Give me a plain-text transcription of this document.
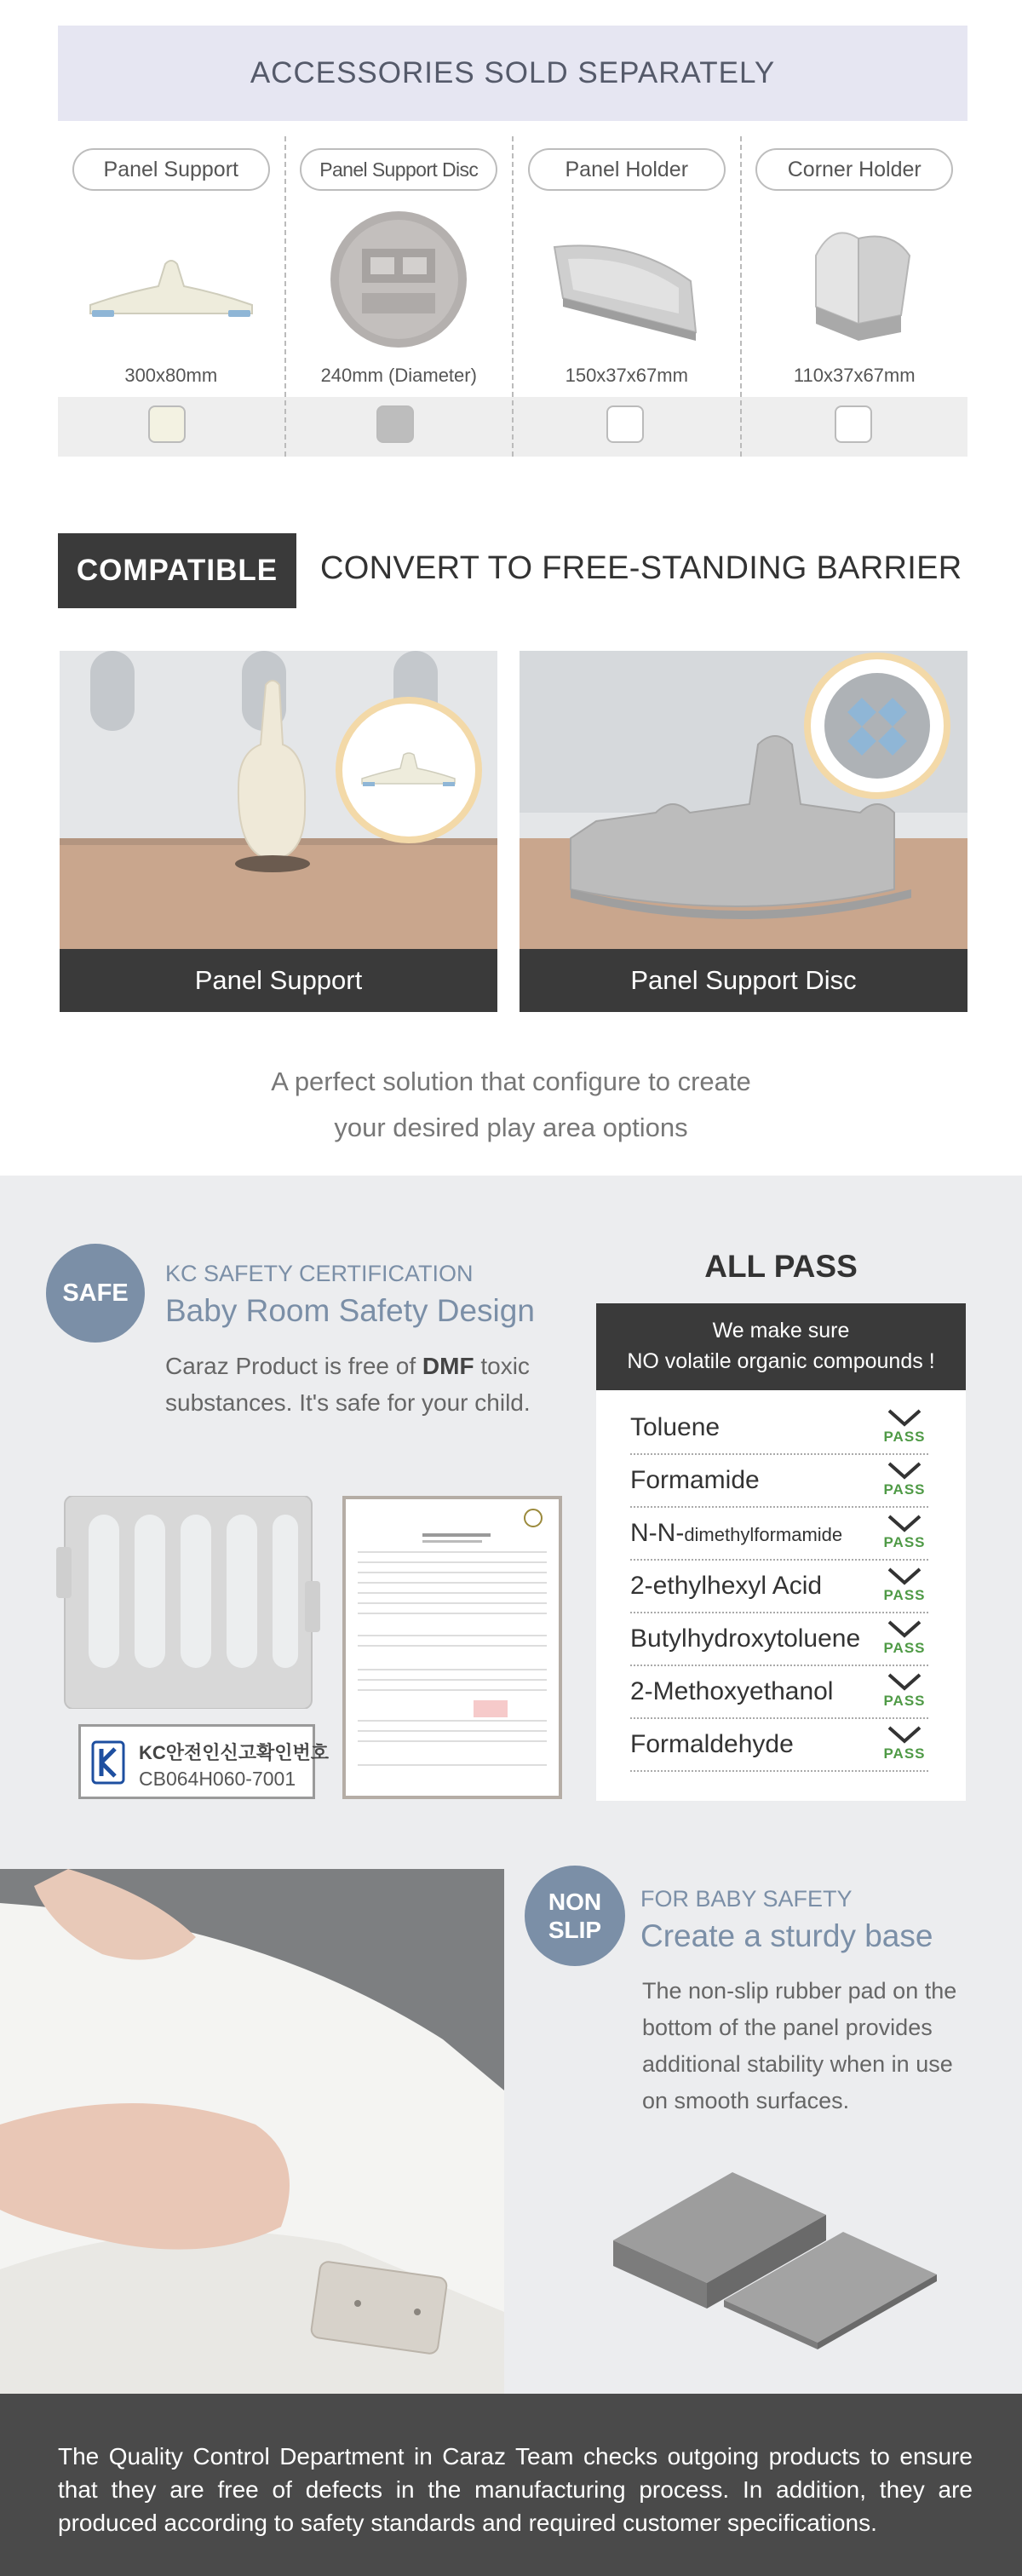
ACCESSORIES SOLD SEPARATELY
Panel Support
300x80mm
Panel Support Disc
240mm (Diameter)
Panel Holder
150x37x67mm
Corner Holder
110x37x67mm
COMPATIBLE	CONVERT TO FREE-STANDING BARRIER
Panel Support	Panel Support Disc
A perfect solution that configure to create
your desired play area options
SAFE
KC SAFETY CERTIFICATION
Baby Room Safety Design
Caraz Product is free of DMF toxic substances. It's safe for your child.
ALL PASS
We make sure
NO volatile organic compounds !
Toluene	PASS
Formamide	PASS
N-N-dimethylformamide	PASS
2-ethylhexyl Acid	PASS
Butylhydroxytoluene PASS
2-Methoxyethanol	PASS
Formaldehyde	PASS
KC안전인신고확인번호
CB064H060-7001
NON
SLIP
FOR BABY SAFETY
Create a sturdy base
The non-slip rubber pad on the bottom of the panel provides additional stability when in use on smooth surfaces.

The Quality Control Department in Caraz Team checks outgoing products to ensure that they are free of defects in the manufacturing process. In addition, they are produced according to safety standards and required customer specifications.
